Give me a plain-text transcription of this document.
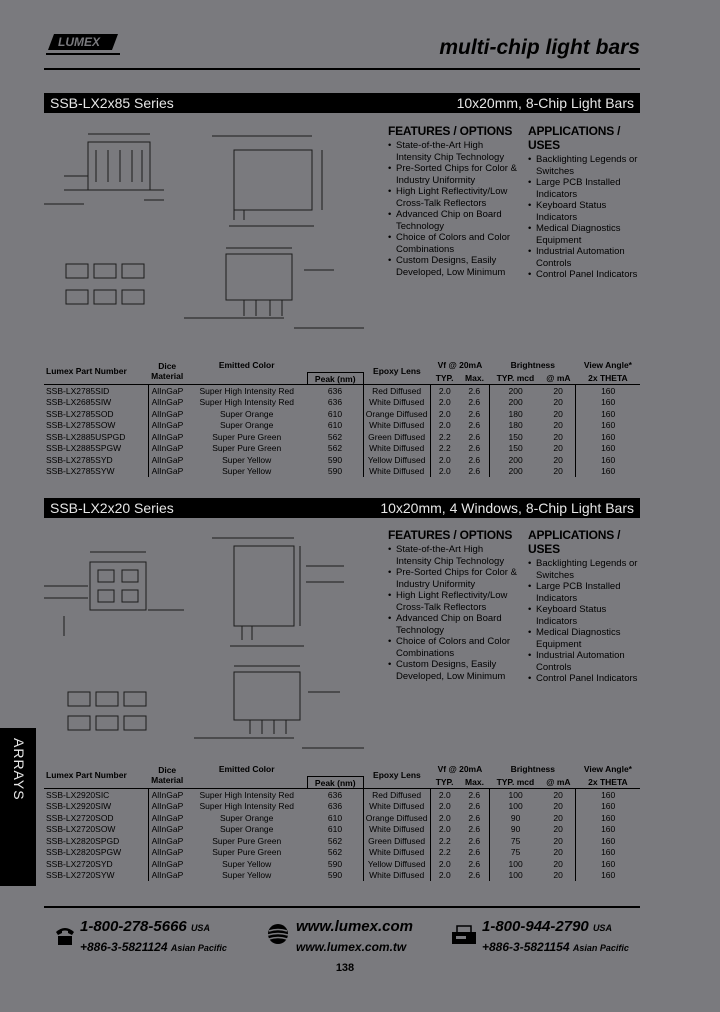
LUMEX	multi-chip light bars
SSB-LX2x85 Series	10x20mm, 8-Chip Light Bars
FEATURES / OPTIONS
• State-of-the-Art High Intensity Chip Technology
• Pre-Sorted Chips for Color & Industry Uniformity
• High Light Reflectivity/Low Cross-Talk Reflectors
• Advanced Chip on Board Technology
• Choice of Colors and Color Combinations
• Custom Designs, Easily Developed, Low Minimum
APPLICATIONS / USES
• Backlighting Legends or Switches
• Large PCB Installed Indicators
• Keyboard Status Indicators
• Medical Diagnostics Equipment
• Industrial Automation Controls
• Control Panel Indicators
Lumex Part Number	Dice Material	Emitted Color		Epoxy Lens	Vf @ 20mA		Brightness		View Angle*
			Peak (nm)		TYP.	Max.	TYP. mcd	@ mA	2x THETA
SSB-LX2785SID	AlInGaP	Super High Intensity Red	636	Red Diffused	2.0	2.6	200	20	160
SSB-LX2685SIW	AlInGaP	Super High Intensity Red	636	White Diffused	2.0	2.6	200	20	160
SSB-LX2785SOD	AlInGaP	Super Orange	610	Orange Diffused	2.0	2.6	180	20	160
SSB-LX2785SOW	AlInGaP	Super Orange	610	White Diffused	2.0	2.6	180	20	160
SSB-LX2885USPGD	AlInGaP	Super Pure Green	562	Green Diffused	2.2	2.6	150	20	160
SSB-LX2885SPGW	AlInGaP	Super Pure Green	562	White Diffused	2.2	2.6	150	20	160
SSB-LX2785SYD	AlInGaP	Super Yellow	590	Yellow Diffused	2.0	2.6	200	20	160
SSB-LX2785SYW	AlInGaP	Super Yellow	590	White Diffused	2.0	2.6	200	20	160
SSB-LX2x20 Series	10x20mm, 4 Windows, 8-Chip Light Bars
FEATURES / OPTIONS
• State-of-the-Art High Intensity Chip Technology
• Pre-Sorted Chips for Color & Industry Uniformity
• High Light Reflectivity/Low Cross-Talk Reflectors
• Advanced Chip on Board Technology
• Choice of Colors and Color Combinations
• Custom Designs, Easily Developed, Low Minimum
APPLICATIONS / USES
• Backlighting Legends or Switches
• Large PCB Installed Indicators
• Keyboard Status Indicators
• Medical Diagnostics Equipment
• Industrial Automation Controls
• Control Panel Indicators
Lumex Part Number	Dice Material	Emitted Color		Epoxy Lens	Vf @ 20mA		Brightness		View Angle*
			Peak (nm)		TYP.	Max.	TYP. mcd	@ mA	2x THETA
SSB-LX2920SIC	AlInGaP	Super High Intensity Red	636	Red Diffused	2.0	2.6	100	20	160
SSB-LX2920SIW	AlInGaP	Super High Intensity Red	636	White Diffused	2.0	2.6	100	20	160
SSB-LX2720SOD	AlInGaP	Super Orange	610	Orange Diffused	2.0	2.6	90	20	160
SSB-LX2720SOW	AlInGaP	Super Orange	610	White Diffused	2.0	2.6	90	20	160
SSB-LX2820SPGD	AlInGaP	Super Pure Green	562	Green Diffused	2.2	2.6	75	20	160
SSB-LX2820SPGW	AlInGaP	Super Pure Green	562	White Diffused	2.2	2.6	75	20	160
SSB-LX2720SYD	AlInGaP	Super Yellow	590	Yellow Diffused	2.0	2.6	100	20	160
SSB-LX2720SYW	AlInGaP	Super Yellow	590	White Diffused	2.0	2.6	100	20	160
ARRAYS
1-800-278-5666 USA
+886-3-5821124 Asian Pacific
www.lumex.com
www.lumex.com.tw
1-800-944-2790 USA
+886-3-5821154 Asian Pacific
138
